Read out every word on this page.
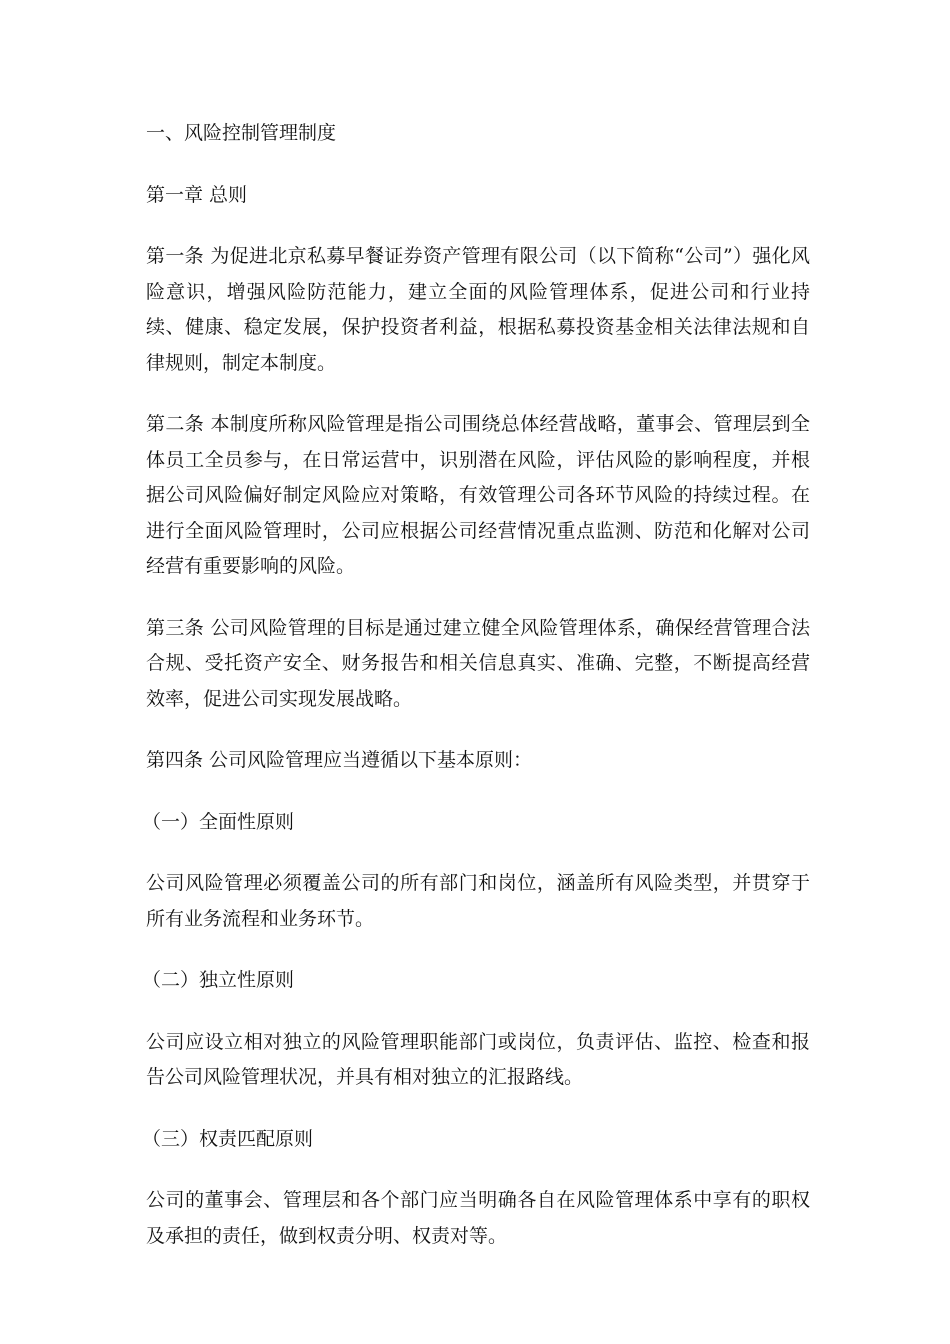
一、风险控制管理制度

第一章 总则

第一条 为促进北京私募早餐证券资产管理有限公司（以下简称“公司”）强化风险意识，增强风险防范能力，建立全面的风险管理体系，促进公司和行业持续、健康、稳定发展，保护投资者利益，根据私募投资基金相关法律法规和自律规则，制定本制度。

第二条 本制度所称风险管理是指公司围绕总体经营战略，董事会、管理层到全体员工全员参与，在日常运营中，识别潜在风险，评估风险的影响程度，并根据公司风险偏好制定风险应对策略，有效管理公司各环节风险的持续过程。在进行全面风险管理时，公司应根据公司经营情况重点监测、防范和化解对公司经营有重要影响的风险。

第三条 公司风险管理的目标是通过建立健全风险管理体系，确保经营管理合法合规、受托资产安全、财务报告和相关信息真实、准确、完整，不断提高经营效率，促进公司实现发展战略。

第四条 公司风险管理应当遵循以下基本原则：

（一）全面性原则

公司风险管理必须覆盖公司的所有部门和岗位，涵盖所有风险类型，并贯穿于所有业务流程和业务环节。

（二）独立性原则

公司应设立相对独立的风险管理职能部门或岗位，负责评估、监控、检查和报告公司风险管理状况，并具有相对独立的汇报路线。

（三）权责匹配原则

公司的董事会、管理层和各个部门应当明确各自在风险管理体系中享有的职权及承担的责任，做到权责分明、权责对等。
